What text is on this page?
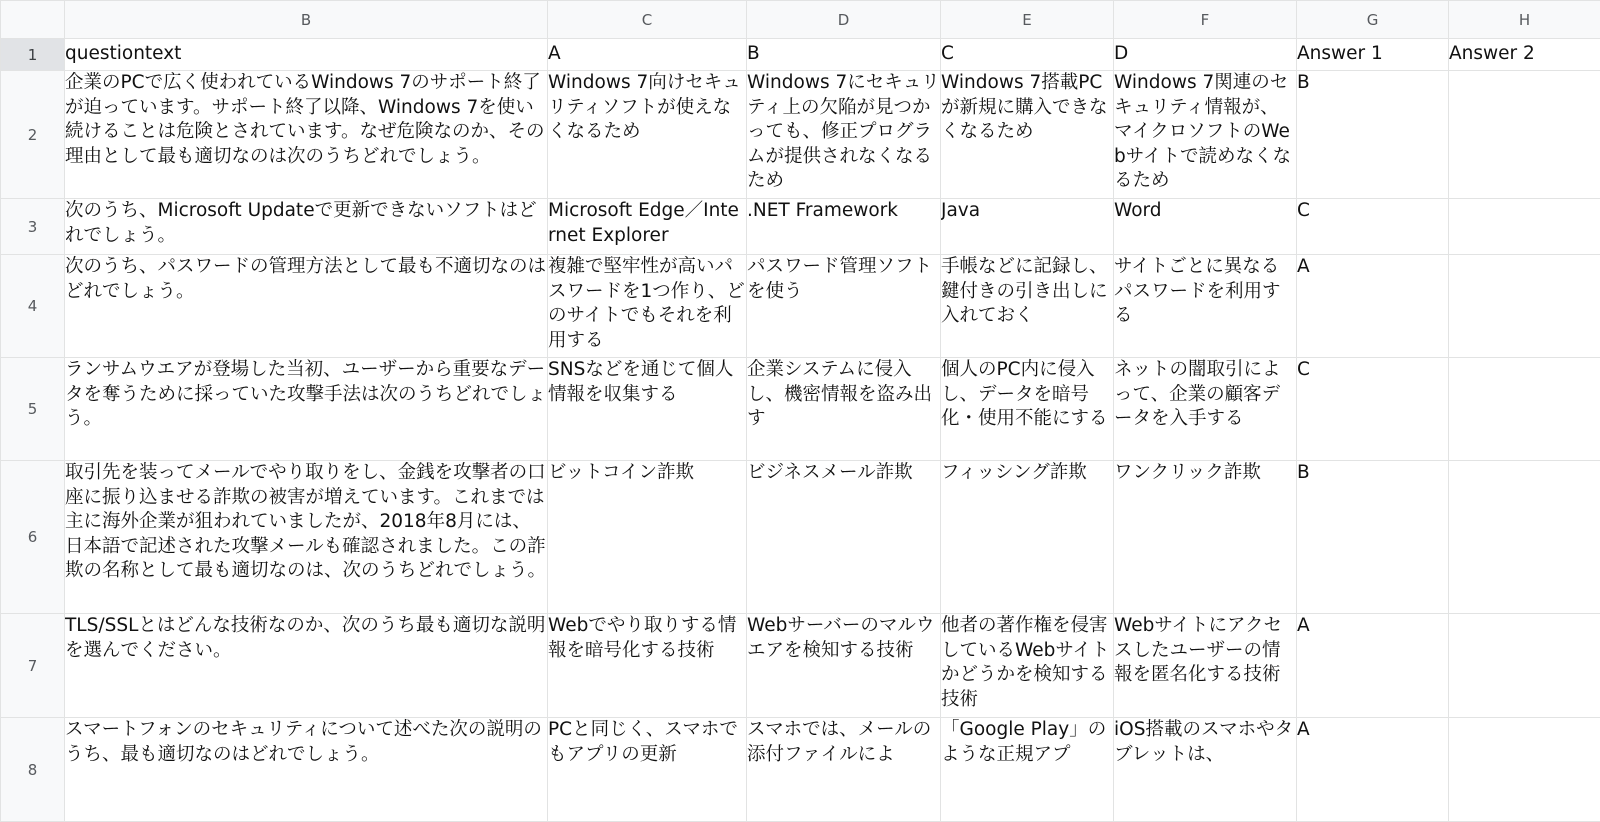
	B	C	D	E	F	G	H
1	questiontext	A	B	C	D	Answer 1	Answer 2
2	企業のPCで広く使われているWindows 7のサポート終了が迫っています。サポート終了以降、Windows 7を使い続けることは危険とされています。なぜ危険なのか、その理由として最も適切なのは次のうちどれでしょう。	Windows 7向けセキュリティソフトが使えなくなるため	Windows 7にセキュリティ上の欠陥が見つかっても、修正プログラムが提供されなくなるため	Windows 7搭載PCが新規に購入できなくなるため	Windows 7関連のセキュリティ情報が、マイクロソフトのWebサイトで読めなくなるため	B	
3	次のうち、Microsoft Updateで更新できないソフトはどれでしょう。	Microsoft Edge／Internet Explorer	.NET Framework	Java	Word	C	
4	次のうち、パスワードの管理方法として最も不適切なのはどれでしょう。	複雑で堅牢性が高いパスワードを1つ作り、どのサイトでもそれを利用する	パスワード管理ソフトを使う	手帳などに記録し、鍵付きの引き出しに入れておく	サイトごとに異なるパスワードを利用する	A	
5	ランサムウエアが登場した当初、ユーザーから重要なデータを奪うために採っていた攻撃手法は次のうちどれでしょう。	SNSなどを通じて個人情報を収集する	企業システムに侵入し、機密情報を盗み出す	個人のPC内に侵入し、データを暗号化・使用不能にする	ネットの闇取引によって、企業の顧客データを入手する	C	
6	取引先を装ってメールでやり取りをし、金銭を攻撃者の口座に振り込ませる詐欺の被害が増えています。これまでは主に海外企業が狙われていましたが、2018年8月には、日本語で記述された攻撃メールも確認されました。この詐欺の名称として最も適切なのは、次のうちどれでしょう。	ビットコイン詐欺	ビジネスメール詐欺	フィッシング詐欺	ワンクリック詐欺	B	
7	TLS/SSLとはどんな技術なのか、次のうち最も適切な説明を選んでください。	Webでやり取りする情報を暗号化する技術	Webサーバーのマルウエアを検知する技術	他者の著作権を侵害しているWebサイトかどうかを検知する技術	Webサイトにアクセスしたユーザーの情報を匿名化する技術	A	
8	スマートフォンのセキュリティについて述べた次の説明のうち、最も適切なのはどれでしょう。	PCと同じく、スマホでもアプリの更新	スマホでは、メールの添付ファイルによ	「Google Play」のような正規アプ	iOS搭載のスマホやタブレットは、	A	
